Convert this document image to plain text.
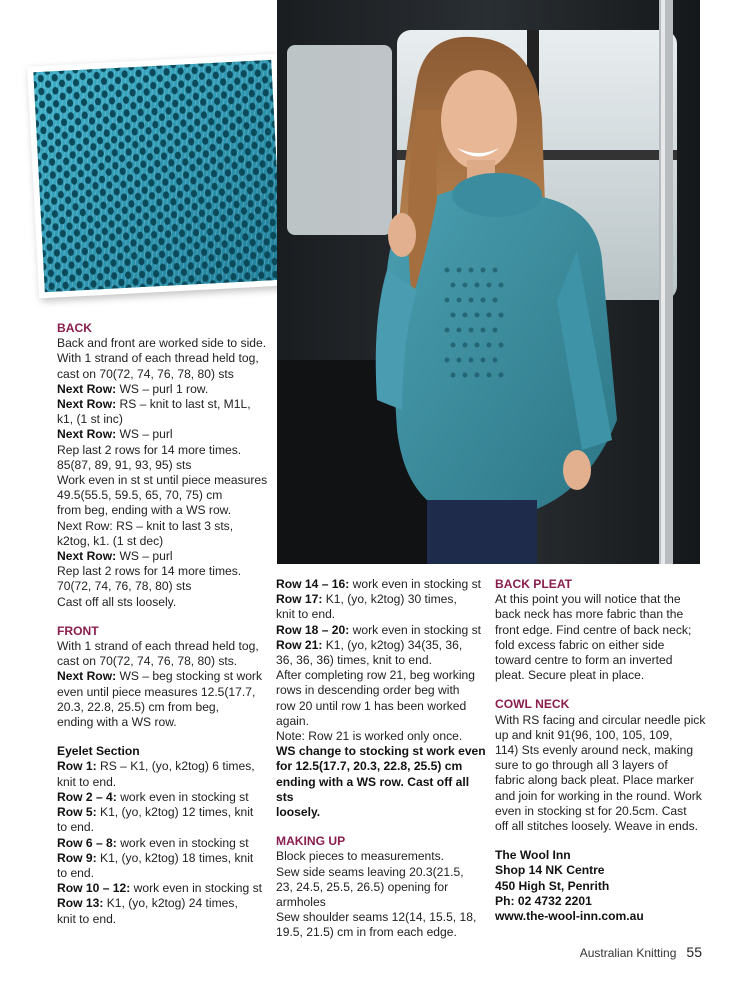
BACK

Back and front are worked side to side.

With 1 strand of each thread held tog,

cast on 70(72, 74, 76, 78, 80) sts

Next Row: WS – purl 1 row.

Next Row: RS – knit to last st, M1L,

k1, (1 st inc)

Next Row: WS – purl

Rep last 2 rows for 14 more times.

85(87, 89, 91, 93, 95) sts

Work even in st st until piece measures

49.5(55.5, 59.5, 65, 70, 75) cm

from beg, ending with a WS row.

Next Row: RS – knit to last 3 sts,

k2tog, k1. (1 st dec)

Next Row: WS – purl

Rep last 2 rows for 14 more times.

70(72, 74, 76, 78, 80) sts

Cast off all sts loosely.

FRONT

With 1 strand of each thread held tog,

cast on 70(72, 74, 76, 78, 80) sts.

Next Row: WS – beg stocking st work

even until piece measures 12.5(17.7,

20.3, 22.8, 25.5) cm from beg,

ending with a WS row.

Eyelet Section

Row 1: RS – K1, (yo, k2tog) 6 times,

knit to end.

Row 2 – 4: work even in stocking st

Row 5: K1, (yo, k2tog) 12 times, knit

to end.

Row 6 – 8: work even in stocking st

Row 9: K1, (yo, k2tog) 18 times, knit

to end.

Row 10 – 12: work even in stocking st

Row 13: K1, (yo, k2tog) 24 times,

knit to end.

Row 14 – 16: work even in stocking st

Row 17: K1, (yo, k2tog) 30 times,

knit to end.

Row 18 – 20: work even in stocking st

Row 21: K1, (yo, k2tog) 34(35, 36,

36, 36, 36) times, knit to end.

After completing row 21, beg working

rows in descending order beg with

row 20 until row 1 has been worked

again.

Note: Row 21 is worked only once.

WS change to stocking st work even

for 12.5(17.7, 20.3, 22.8, 25.5) cm

ending with a WS row. Cast off all sts

loosely.

MAKING UP

Block pieces to measurements.

Sew side seams leaving 20.3(21.5,

23, 24.5, 25.5, 26.5) opening for

armholes

Sew shoulder seams 12(14, 15.5, 18,

19.5, 21.5) cm in from each edge.

BACK PLEAT

At this point you will notice that the

back neck has more fabric than the

front edge. Find centre of back neck;

fold excess fabric on either side

toward centre to form an inverted

pleat. Secure pleat in place.

COWL NECK

With RS facing and circular needle pick

up and knit 91(96, 100, 105, 109,

114) Sts evenly around neck, making

sure to go through all 3 layers of

fabric along back pleat. Place marker

and join for working in the round. Work

even in stocking st for 20.5cm. Cast

off all stitches loosely. Weave in ends.

The Wool Inn

Shop 14 NK Centre

450 High St, Penrith

Ph: 02 4732 2201

www.the-wool-inn.com.au

Australian Knitting 55
